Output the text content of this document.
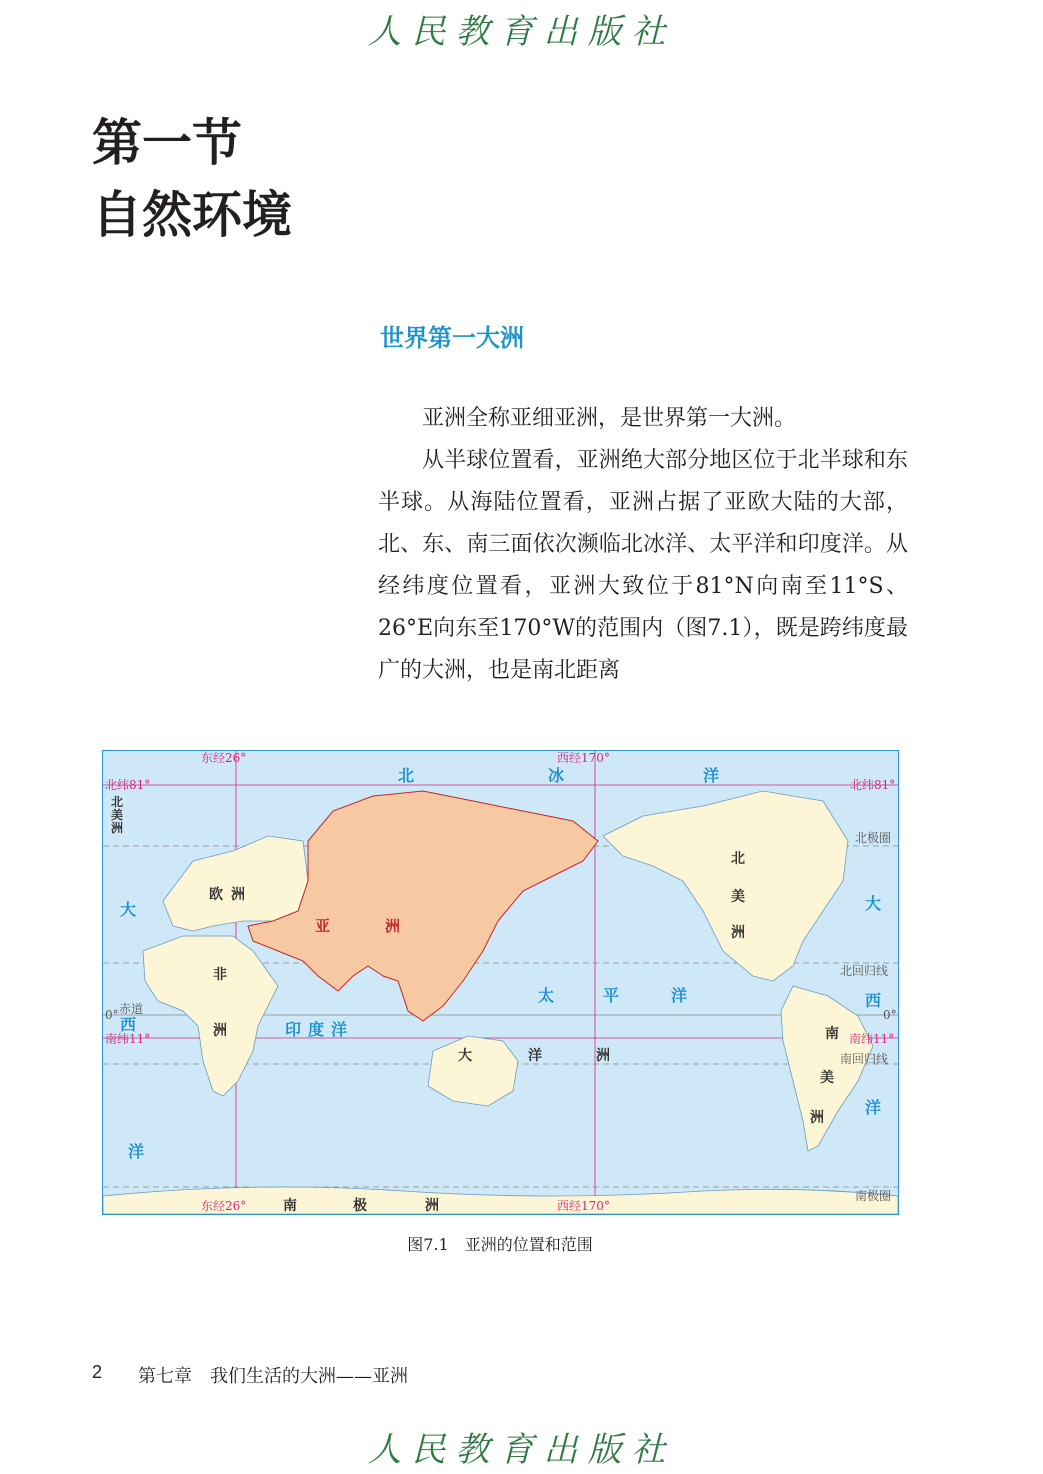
人民教育出版社
第一节
自然环境
世界第一大洲

亚洲全称亚细亚洲，是世界第一大洲。

从半球位置看，亚洲绝大部分地区位于北半球和东半球。从海陆位置看，亚洲占据了亚欧大陆的大部，北、东、南三面依次濒临北冰洋、太平洋和印度洋。从经纬度位置看，亚洲大致位于81°N向南至11°S、26°E向东至170°W的范围内（图7.1），既是跨纬度最广的大洲，也是南北距离

东经26°	西经170°
北纬81°	北纬81°
北极圈
北回归线
赤道
0°	0°
南纬11°	南纬11°
南回归线
南极圈
东经26°	西经170°
北	冰	洋
太	平	洋
印 度 洋
大
西
洋
大
西
洋
亚	洲
欧 洲
非
洲
北
美
洲
北
美
洲
南
美
洲
大	洋	洲
南	极	洲
图7.1　亚洲的位置和范围
2 第七章　我们生活的大洲——亚洲
人民教育出版社
